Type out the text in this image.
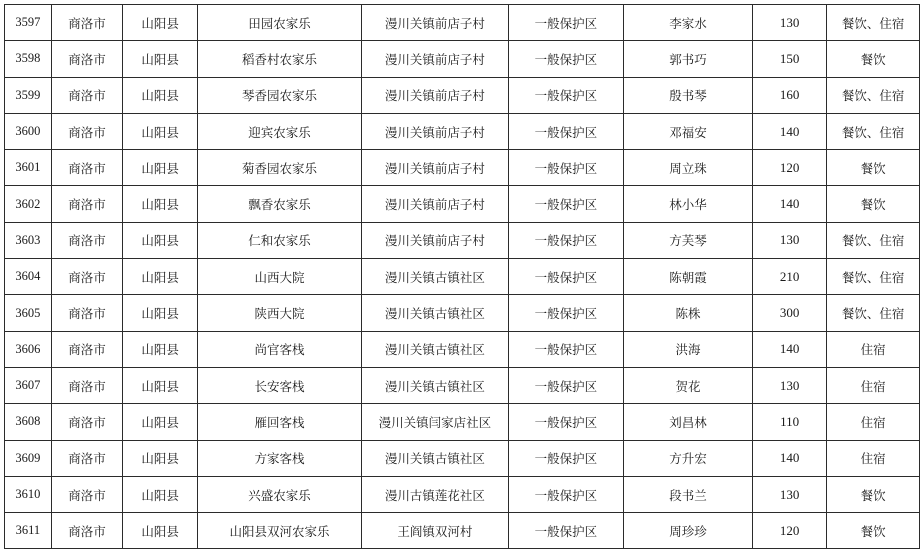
3597	商洛市	山阳县	田园农家乐	漫川关镇前店子村	一般保护区	李家水	130	餐饮、住宿
3598	商洛市	山阳县	稻香村农家乐	漫川关镇前店子村	一般保护区	郭书巧	150	餐饮
3599	商洛市	山阳县	琴香园农家乐	漫川关镇前店子村	一般保护区	殷书琴	160	餐饮、住宿
3600	商洛市	山阳县	迎宾农家乐	漫川关镇前店子村	一般保护区	邓福安	140	餐饮、住宿
3601	商洛市	山阳县	菊香园农家乐	漫川关镇前店子村	一般保护区	周立珠	120	餐饮
3602	商洛市	山阳县	飘香农家乐	漫川关镇前店子村	一般保护区	林小华	140	餐饮
3603	商洛市	山阳县	仁和农家乐	漫川关镇前店子村	一般保护区	方芙琴	130	餐饮、住宿
3604	商洛市	山阳县	山西大院	漫川关镇古镇社区	一般保护区	陈朝霞	210	餐饮、住宿
3605	商洛市	山阳县	陕西大院	漫川关镇古镇社区	一般保护区	陈株	300	餐饮、住宿
3606	商洛市	山阳县	尚官客栈	漫川关镇古镇社区	一般保护区	洪海	140	住宿
3607	商洛市	山阳县	长安客栈	漫川关镇古镇社区	一般保护区	贺花	130	住宿
3608	商洛市	山阳县	雁回客栈	漫川关镇闫家店社区	一般保护区	刘昌林	110	住宿
3609	商洛市	山阳县	方家客栈	漫川关镇古镇社区	一般保护区	方升宏	140	住宿
3610	商洛市	山阳县	兴盛农家乐	漫川古镇莲花社区	一般保护区	段书兰	130	餐饮
3611	商洛市	山阳县	山阳县双河农家乐	王阎镇双河村	一般保护区	周珍珍	120	餐饮
